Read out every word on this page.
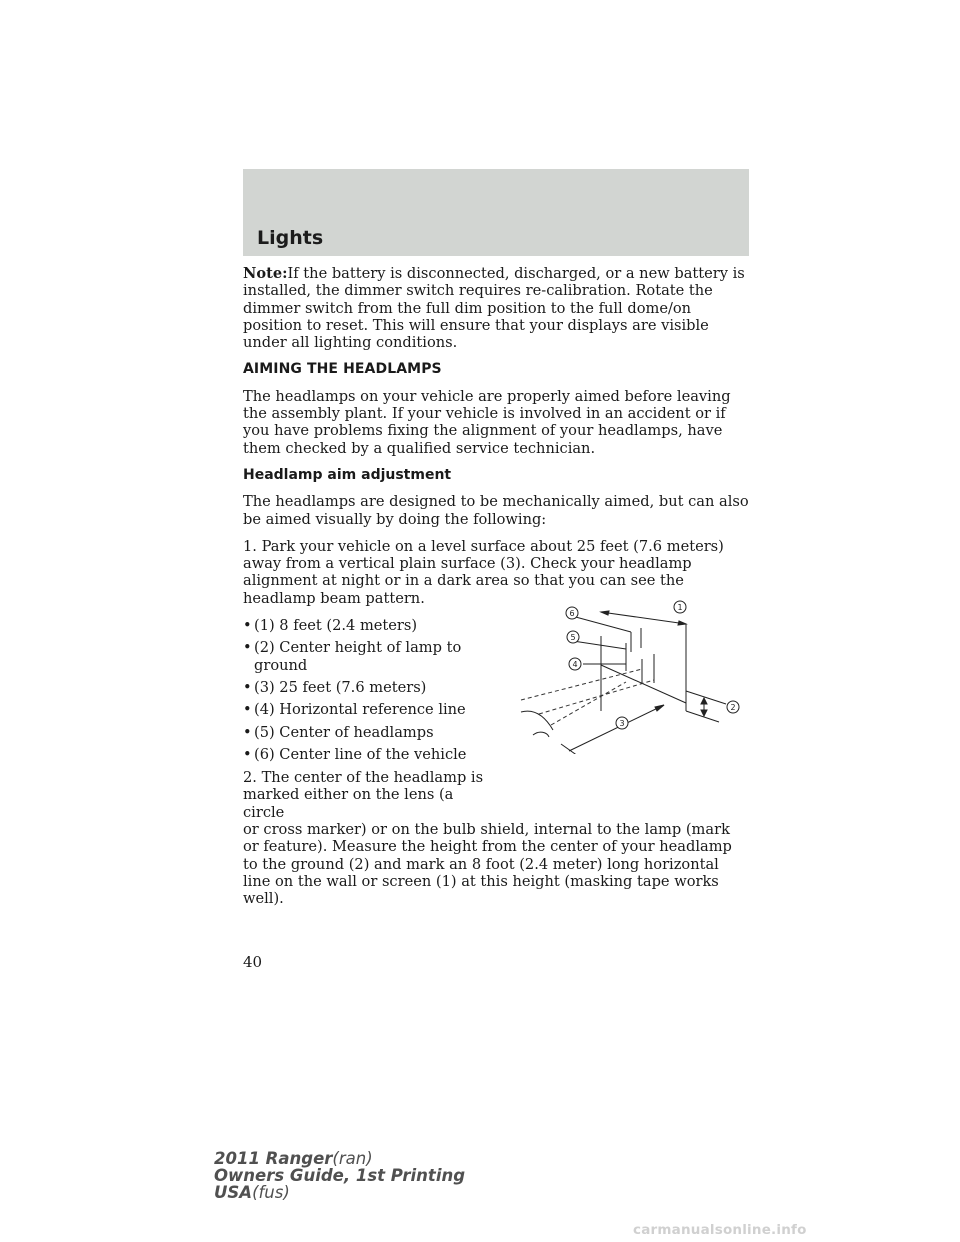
Lights

Note:If the battery is disconnected, discharged, or a new battery is installed, the dimmer switch requires re-calibration. Rotate the dimmer switch from the full dim position to the full dome/on position to reset. This will ensure that your displays are visible under all lighting conditions.

AIMING THE HEADLAMPS

The headlamps on your vehicle are properly aimed before leaving the assembly plant. If your vehicle is involved in an accident or if you have problems fixing the alignment of your headlamps, have them checked by a qualified service technician.

Headlamp aim adjustment

The headlamps are designed to be mechanically aimed, but can also be aimed visually by doing the following:

1. Park your vehicle on a level surface about 25 feet (7.6 meters) away from a vertical plain surface (3). Check your headlamp alignment at night or in a dark area so that you can see the headlamp beam pattern.

• (1) 8 feet (2.4 meters)
• (2) Center height of lamp to ground
• (3) 25 feet (7.6 meters)
• (4) Horizontal reference line
• (5) Center of headlamps
• (6) Center line of the vehicle
2. The center of the headlamp is marked either on the lens (a circle
or cross marker) or on the bulb shield, internal to the lamp (mark or feature). Measure the height from the center of your headlamp to the ground (2) and mark an 8 foot (2.4 meter) long horizontal line on the wall or screen (1) at this height (masking tape works well).
1
2
3
4
5
6
40
2011 Ranger(ran)
Owners Guide, 1st Printing
USA(fus)
carmanualsonline.info
